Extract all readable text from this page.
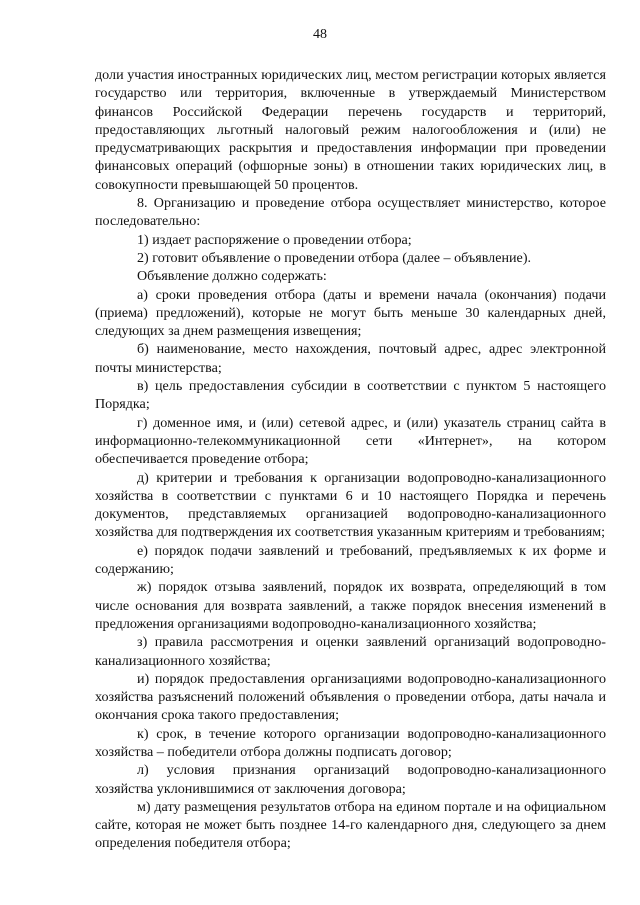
48

доли участия иностранных юридических лиц, местом регистрации которых является государство или территория, включенные в утверждаемый Министерством финансов Российской Федерации перечень государств и территорий, предоставляющих льготный налоговый режим налогообложения и (или) не предусматривающих раскрытия и предоставления информации при проведении финансовых операций (офшорные зоны) в отношении таких юридических лиц, в совокупности превышающей 50 процентов.

8. Организацию и проведение отбора осуществляет министерство, которое последовательно:

1) издает распоряжение о проведении отбора;

2) готовит объявление о проведении отбора (далее – объявление).

Объявление должно содержать:

а) сроки проведения отбора (даты и времени начала (окончания) подачи (приема) предложений), которые не могут быть меньше 30 календарных дней, следующих за днем размещения извещения;

б) наименование, место нахождения, почтовый адрес, адрес электронной почты министерства;

в) цель предоставления субсидии в соответствии с пунктом 5 настоящего Порядка;

г) доменное имя, и (или) сетевой адрес, и (или) указатель страниц сайта в информационно-телекоммуникационной сети «Интернет», на котором обеспечивается проведение отбора;

д) критерии и требования к организации водопроводно-канализационного хозяйства в соответствии с пунктами 6 и 10 настоящего Порядка и перечень документов, представляемых организацией водопроводно-канализационного хозяйства для подтверждения их соответствия указанным критериям и требованиям;

е) порядок подачи заявлений и требований, предъявляемых к их форме и содержанию;

ж) порядок отзыва заявлений, порядок их возврата, определяющий в том числе основания для возврата заявлений, а также порядок внесения изменений в предложения организациями водопроводно-канализационного хозяйства;

з) правила рассмотрения и оценки заявлений организаций водопроводно-канализационного хозяйства;

и) порядок предоставления организациями водопроводно-канализационного хозяйства разъяснений положений объявления о проведении отбора, даты начала и окончания срока такого предоставления;

к) срок, в течение которого организации водопроводно-канализационного хозяйства – победители отбора должны подписать договор;

л) условия признания организаций водопроводно-канализационного хозяйства уклонившимися от заключения договора;

м) дату размещения результатов отбора на едином портале и на официальном сайте, которая не может быть позднее 14-го календарного дня, следующего за днем определения победителя отбора;
